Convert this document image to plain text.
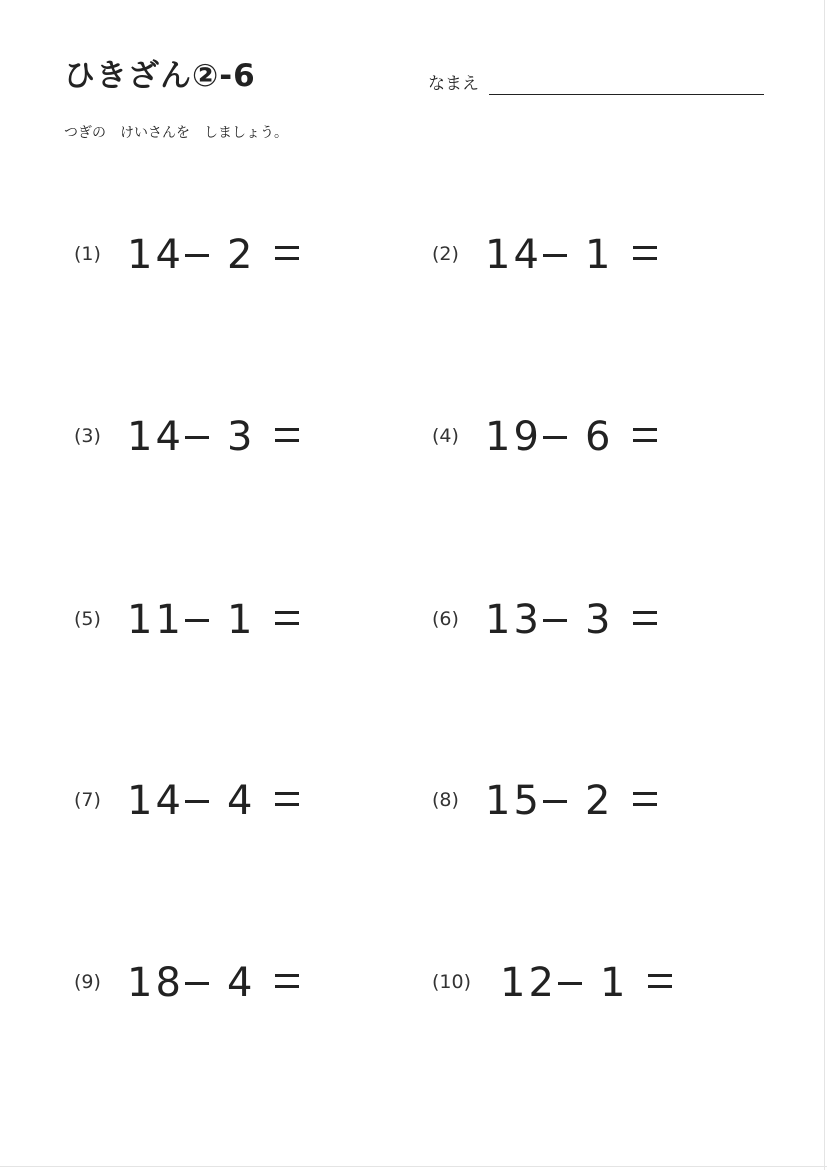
ひきざん②-6	なまえ
つぎの　けいさんを　しましょう。
(1) 14 2	(2) 14 1
(3) 14 3	(4) 19 6
(5) 11 1	(6) 13 3
(7) 14 4	(8) 15 2
(9) 18 4	(10) 12 1
